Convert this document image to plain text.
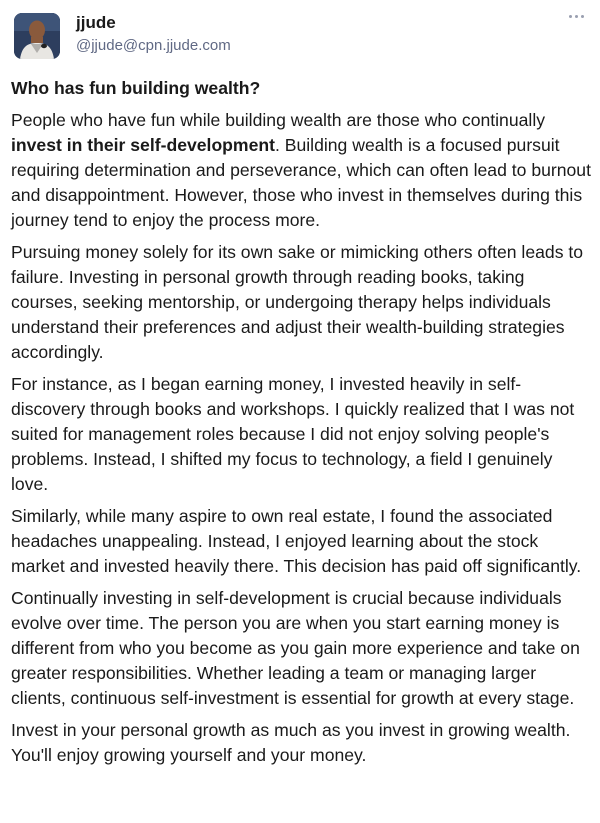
jjude
@jjude@cpn.jjude.com
Who has fun building wealth?

People who have fun while building wealth are those who continually invest in their self-development. Building wealth is a focused pursuit requiring determination and perseverance, which can often lead to burnout and disappointment. However, those who invest in themselves during this journey tend to enjoy the process more.

Pursuing money solely for its own sake or mimicking others often leads to failure. Investing in personal growth through reading books, taking courses, seeking mentorship, or undergoing therapy helps individuals understand their preferences and adjust their wealth-building strategies accordingly.

For instance, as I began earning money, I invested heavily in self-discovery through books and workshops. I quickly realized that I was not suited for management roles because I did not enjoy solving people's problems. Instead, I shifted my focus to technology, a field I genuinely love.

Similarly, while many aspire to own real estate, I found the associated headaches unappealing. Instead, I enjoyed learning about the stock market and invested heavily there. This decision has paid off significantly.

Continually investing in self-development is crucial because individuals evolve over time. The person you are when you start earning money is different from who you become as you gain more experience and take on greater responsibilities. Whether leading a team or managing larger clients, continuous self-investment is essential for growth at every stage.

Invest in your personal growth as much as you invest in growing wealth. You'll enjoy growing yourself and your money.
